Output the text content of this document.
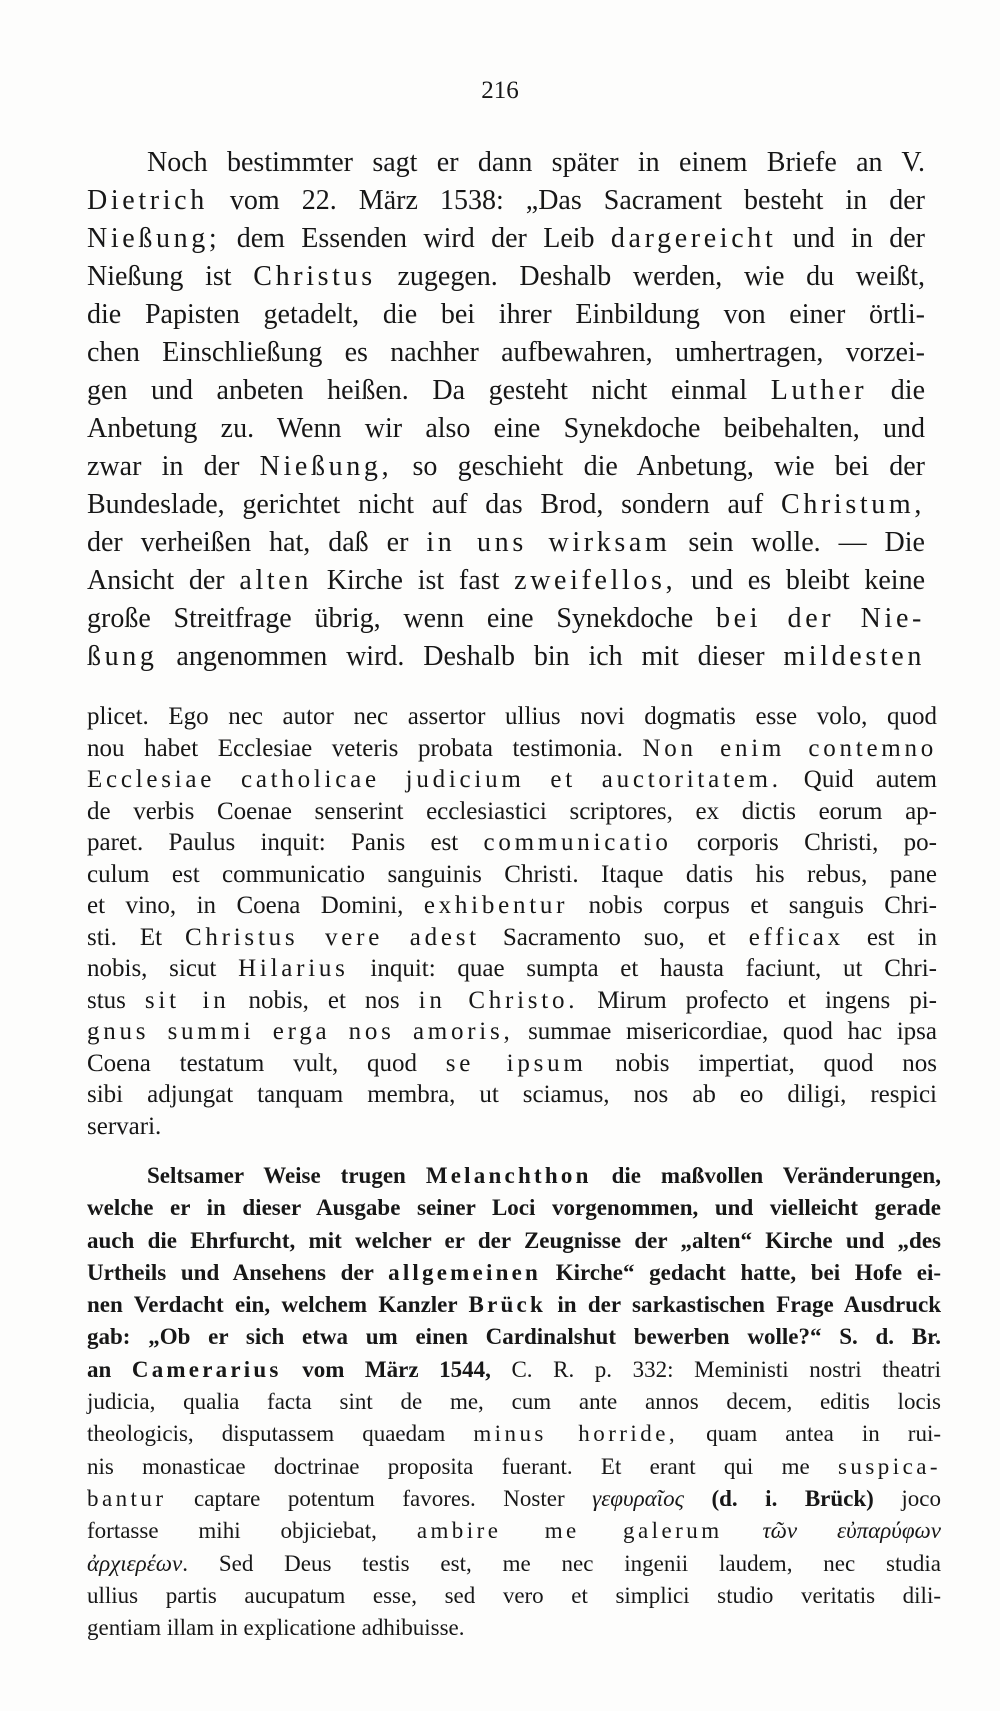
216
Noch bestimmter sagt er dann später in einem Briefe an V.
Dietrich vom 22. März 1538: „Das Sacrament besteht in der
Nießung; dem Essenden wird der Leib dargereicht und in der
Nießung ist Christus zugegen. Deshalb werden, wie du weißt,
die Papisten getadelt, die bei ihrer Einbildung von einer örtli-
chen Einschließung es nachher aufbewahren, umhertragen, vorzei-
gen und anbeten heißen. Da gesteht nicht einmal Luther die
Anbetung zu. Wenn wir also eine Synekdoche beibehalten, und
zwar in der Nießung, so geschieht die Anbetung, wie bei der
Bundeslade, gerichtet nicht auf das Brod, sondern auf Christum,
der verheißen hat, daß er in uns wirksam sein wolle. — Die
Ansicht der alten Kirche ist fast zweifellos, und es bleibt keine
große Streitfrage übrig, wenn eine Synekdoche bei der Nie-
ßung angenommen wird. Deshalb bin ich mit dieser mildesten
plicet. Ego nec autor nec assertor ullius novi dogmatis esse volo, quod
nou habet Ecclesiae veteris probata testimonia. Non enim contemno
Ecclesiae catholicae judicium et auctoritatem. Quid autem
de verbis Coenae senserint ecclesiastici scriptores, ex dictis eorum ap-
paret. Paulus inquit: Panis est communicatio corporis Christi, po-
culum est communicatio sanguinis Christi. Itaque datis his rebus, pane
et vino, in Coena Domini, exhibentur nobis corpus et sanguis Chri-
sti. Et Christus vere adest Sacramento suo, et efficax est in
nobis, sicut Hilarius inquit: quae sumpta et hausta faciunt, ut Chri-
stus sit in nobis, et nos in Christo. Mirum profecto et ingens pi-
gnus summi erga nos amoris, summae misericordiae, quod hac ipsa
Coena testatum vult, quod se ipsum nobis impertiat, quod nos
sibi adjungat tanquam membra, ut sciamus, nos ab eo diligi, respici
servari.
Seltsamer Weise trugen Melanchthon die maßvollen Veränderungen,
welche er in dieser Ausgabe seiner Loci vorgenommen, und vielleicht gerade
auch die Ehrfurcht, mit welcher er der Zeugnisse der „alten“ Kirche und „des
Urtheils und Ansehens der allgemeinen Kirche“ gedacht hatte, bei Hofe ei-
nen Verdacht ein, welchem Kanzler Brück in der sarkastischen Frage Ausdruck
gab: „Ob er sich etwa um einen Cardinalshut bewerben wolle?“ S. d. Br.
an Camerarius vom März 1544, C. R. p. 332: Meministi nostri theatri
judicia, qualia facta sint de me, cum ante annos decem, editis locis
theologicis, disputassem quaedam minus horride, quam antea in rui-
nis monasticae doctrinae proposita fuerant. Et erant qui me suspica-
bantur captare potentum favores. Noster γεφυραῖος (d. i. Brück) joco
fortasse mihi objiciebat, ambire me galerum τῶν εὐπαρύφων
ἀρχιερέων. Sed Deus testis est, me nec ingenii laudem, nec studia
ullius partis aucupatum esse, sed vero et simplici studio veritatis dili-
gentiam illam in explicatione adhibuisse.
